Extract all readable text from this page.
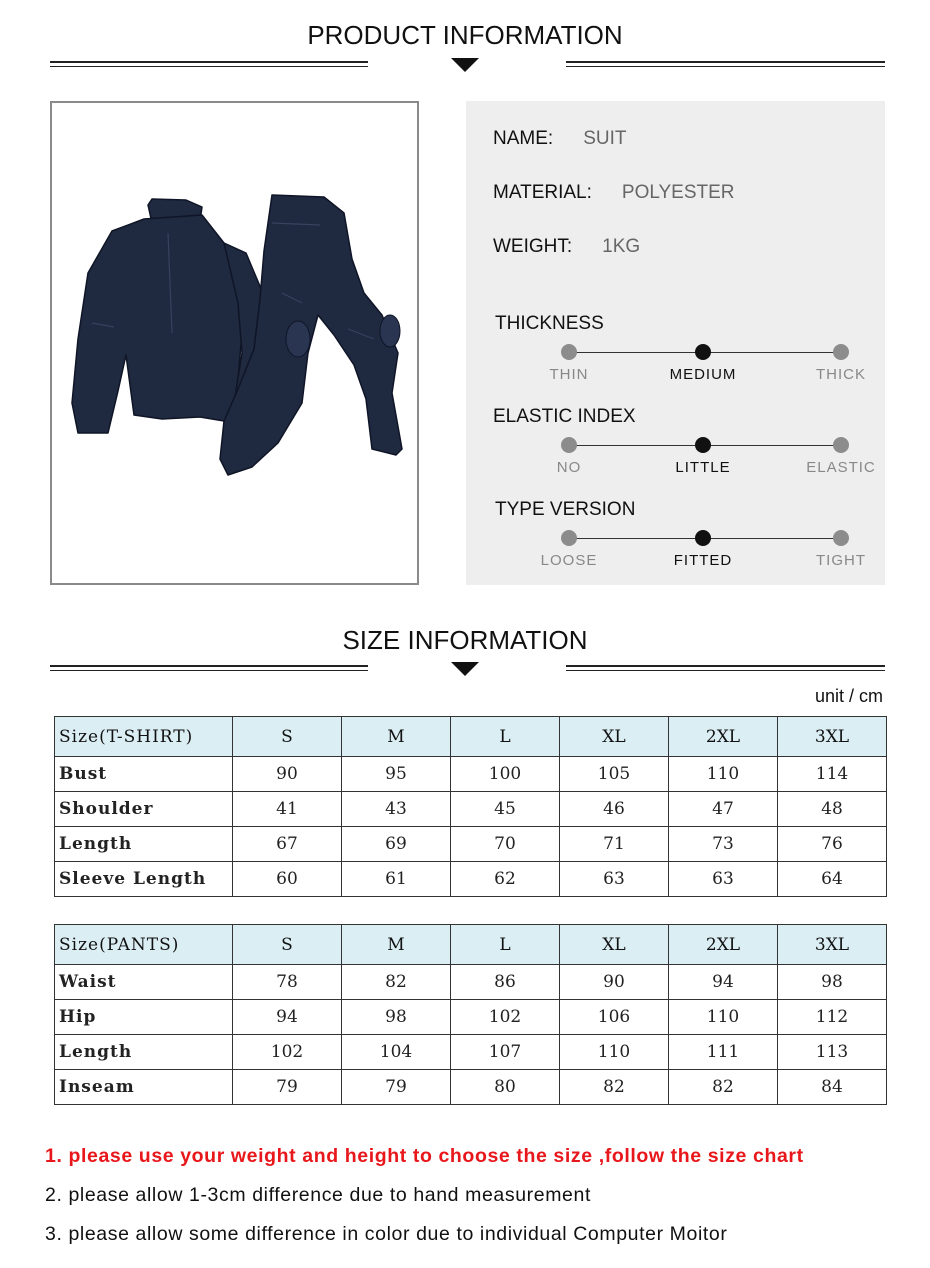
PRODUCT INFORMATION
NAME: SUIT
MATERIAL: POLYESTER
WEIGHT: 1KG
THICKNESS
THIN	MEDIUM	THICK
ELASTIC INDEX
NO	LITTLE	ELASTIC
TYPE VERSION
LOOSE	FITTED	TIGHT
SIZE INFORMATION
unit / cm
Size(T-SHIRT)	S	M	L	XL	2XL	3XL
Bust	90	95	100	105	110	114
Shoulder	41	43	45	46	47	48
Length	67	69	70	71	73	76
Sleeve Length	60	61	62	63	63	64
Size(PANTS)	S	M	L	XL	2XL	3XL
Waist	78	82	86	90	94	98
Hip	94	98	102	106	110	112
Length	102	104	107	110	111	113
Inseam	79	79	80	82	82	84
1. please use your weight and height to choose the size ,follow the size chart
2. please allow 1-3cm difference due to hand measurement
3. please allow some difference in color due to individual Computer Moitor
